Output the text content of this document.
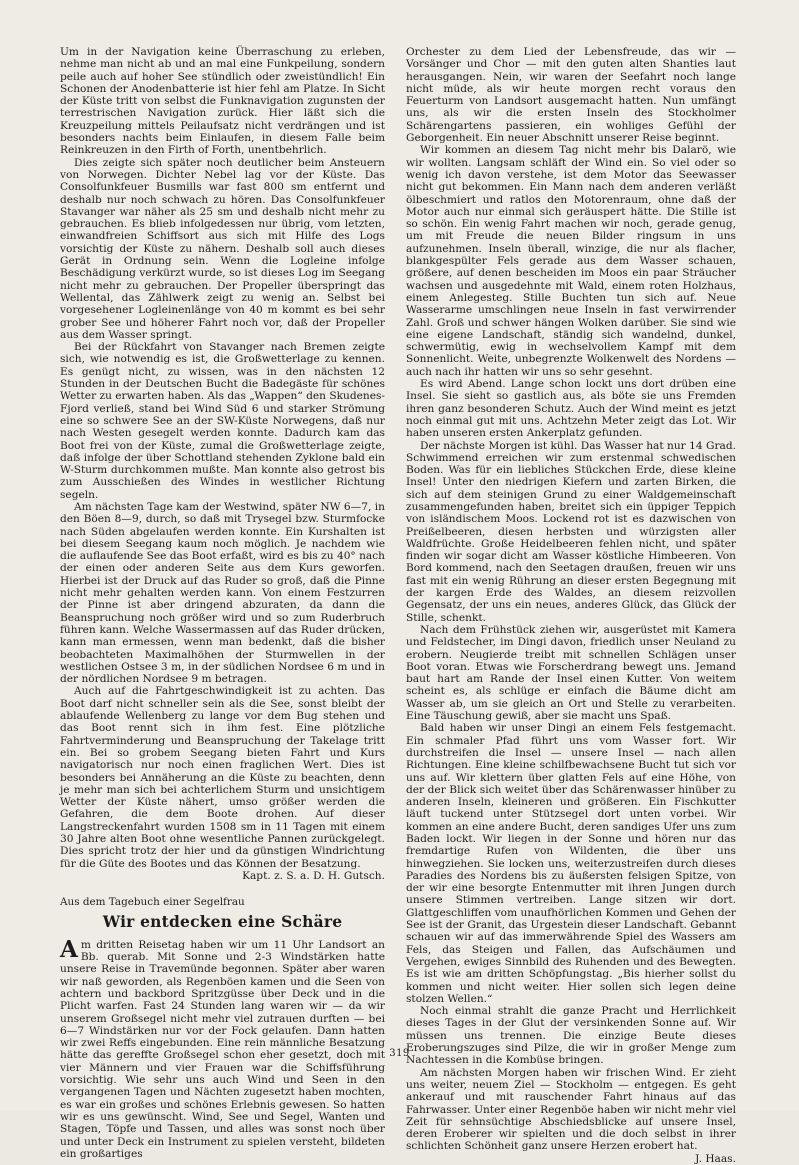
Um in der Navigation keine Überraschung zu erleben, nehme man nicht ab und an mal eine Funkpeilung, sondern peile auch auf hoher See stündlich oder zweistündlich! Ein Schonen der Anodenbatterie ist hier fehl am Platze. In Sicht der Küste tritt von selbst die Funknavigation zugunsten der terrestrischen Navigation zurück. Hier läßt sich die Kreuzpeilung mittels Peilaufsatz nicht verdrängen und ist besonders nachts beim Einlaufen, in diesem Falle beim Reinkreuzen in den Firth of Forth, unentbehrlich.

Dies zeigte sich später noch deutlicher beim Ansteuern von Norwegen. Dichter Nebel lag vor der Küste. Das Consolfunkfeuer Busmills war fast 800 sm entfernt und deshalb nur noch schwach zu hören. Das Consolfunkfeuer Stavanger war näher als 25 sm und deshalb nicht mehr zu gebrauchen. Es blieb infolgedessen nur übrig, vom letzten, einwandfreien Schiffsort aus sich mit Hilfe des Logs vorsichtig der Küste zu nähern. Deshalb soll auch dieses Gerät in Ordnung sein. Wenn die Logleine infolge Beschädigung verkürzt wurde, so ist dieses Log im Seegang nicht mehr zu gebrauchen. Der Propeller überspringt das Wellental, das Zählwerk zeigt zu wenig an. Selbst bei vorgesehener Logleinenlänge von 40 m kommt es bei sehr grober See und höherer Fahrt noch vor, daß der Propeller aus dem Wasser springt.

Bei der Rückfahrt von Stavanger nach Bremen zeigte sich, wie notwendig es ist, die Großwetterlage zu kennen. Es genügt nicht, zu wissen, was in den nächsten 12 Stunden in der Deutschen Bucht die Badegäste für schönes Wetter zu erwarten haben. Als das „Wappen“ den Skudenes-Fjord verließ, stand bei Wind Süd 6 und starker Strömung eine so schwere See an der SW-Küste Norwegens, daß nur nach Westen gesegelt werden konnte. Dadurch kam das Boot frei von der Küste, zumal die Großwetterlage zeigte, daß infolge der über Schottland stehenden Zyklone bald ein W-Sturm durchkommen mußte. Man konnte also getrost bis zum Ausschießen des Windes in westlicher Richtung segeln.

Am nächsten Tage kam der Westwind, später NW 6—7, in den Böen 8—9, durch, so daß mit Trysegel bzw. Sturmfocke nach Süden abgelaufen werden konnte. Ein Kurshalten ist bei diesem Seegang kaum noch möglich. Je nachdem wie die auflaufende See das Boot erfaßt, wird es bis zu 40° nach der einen oder anderen Seite aus dem Kurs geworfen. Hierbei ist der Druck auf das Ruder so groß, daß die Pinne nicht mehr gehalten werden kann. Von einem Festzurren der Pinne ist aber dringend abzuraten, da dann die Beanspruchung noch größer wird und so zum Ruderbruch führen kann. Welche Wassermassen auf das Ruder drücken, kann man ermessen, wenn man bedenkt, daß die bisher beobachteten Maximalhöhen der Sturmwellen in der westlichen Ostsee 3 m, in der südlichen Nordsee 6 m und in der nördlichen Nordsee 9 m betragen.

Auch auf die Fahrtgeschwindigkeit ist zu achten. Das Boot darf nicht schneller sein als die See, sonst bleibt der ablaufende Wellenberg zu lange vor dem Bug stehen und das Boot rennt sich in ihm fest. Eine plötzliche Fahrtverminderung und Beanspruchung der Takelage tritt ein. Bei so grobem Seegang bieten Fahrt und Kurs navigatorisch nur noch einen fraglichen Wert. Dies ist besonders bei Annäherung an die Küste zu beachten, denn je mehr man sich bei achterlichem Sturm und unsichtigem Wetter der Küste nähert, umso größer werden die Gefahren, die dem Boote drohen. Auf dieser Langstreckenfahrt wurden 1508 sm in 11 Tagen mit einem 30 Jahre alten Boot ohne wesentliche Pannen zurückgelegt. Dies spricht trotz der hier und da günstigen Windrichtung für die Güte des Bootes und das Können der Besatzung.

Kapt. z. S. a. D. H. Gutsch.

Aus dem Tagebuch einer Segelfrau

Wir entdecken eine Schäre

Am dritten Reisetag haben wir um 11 Uhr Landsort an Bb. querab. Mit Sonne und 2-3 Windstärken hatte unsere Reise in Travemünde begonnen. Später aber waren wir naß geworden, als Regenböen kamen und die Seen von achtern und backbord Spritzgüsse über Deck und in die Plicht warfen. Fast 24 Stunden lang waren wir — da wir unserem Großsegel nicht mehr viel zutrauen durften — bei 6—7 Windstärken nur vor der Fock gelaufen. Dann hatten wir zwei Reffs eingebunden. Eine rein männliche Besatzung hätte das gereffte Großsegel schon eher gesetzt, doch mit vier Männern und vier Frauen war die Schiffsführung vorsichtig. Wie sehr uns auch Wind und Seen in den vergangenen Tagen und Nächten zugesetzt haben mochten, es war ein großes und schönes Erlebnis gewesen. So hatten wir es uns gewünscht. Wind, See und Segel, Wanten und Stagen, Töpfe und Tassen, und alles was sonst noch über und unter Deck ein Instrument zu spielen versteht, bildeten ein großartiges

Orchester zu dem Lied der Lebensfreude, das wir — Vorsänger und Chor — mit den guten alten Shanties laut herausgangen. Nein, wir waren der Seefahrt noch lange nicht müde, als wir heute morgen recht voraus den Feuerturm von Landsort ausgemacht hatten. Nun umfängt uns, als wir die ersten Inseln des Stockholmer Schärengartens passieren, ein wohliges Gefühl der Geborgenheit. Ein neuer Abschnitt unserer Reise beginnt.

Wir kommen an diesem Tag nicht mehr bis Dalarö, wie wir wollten. Langsam schläft der Wind ein. So viel oder so wenig ich davon verstehe, ist dem Motor das Seewasser nicht gut bekommen. Ein Mann nach dem anderen verläßt ölbeschmiert und ratlos den Motorenraum, ohne daß der Motor auch nur einmal sich geräuspert hätte. Die Stille ist so schön. Ein wenig Fahrt machen wir noch, gerade genug, um mit Freude die neuen Bilder ringsum in uns aufzunehmen. Inseln überall, winzige, die nur als flacher, blankgespülter Fels gerade aus dem Wasser schauen, größere, auf denen bescheiden im Moos ein paar Sträucher wachsen und ausgedehnte mit Wald, einem roten Holzhaus, einem Anlegesteg. Stille Buchten tun sich auf. Neue Wasserarme umschlingen neue Inseln in fast verwirrender Zahl. Groß und schwer hängen Wolken darüber. Sie sind wie eine eigene Landschaft, ständig sich wandelnd, dunkel, schwermütig, ewig in wechselvollem Kampf mit dem Sonnenlicht. Weite, unbegrenzte Wolkenwelt des Nordens — auch nach ihr hatten wir uns so sehr gesehnt.

Es wird Abend. Lange schon lockt uns dort drüben eine Insel. Sie sieht so gastlich aus, als böte sie uns Fremden ihren ganz besonderen Schutz. Auch der Wind meint es jetzt noch einmal gut mit uns. Achtzehn Meter zeigt das Lot. Wir haben unseren ersten Ankerplatz gefunden.

Der nächste Morgen ist kühl. Das Wasser hat nur 14 Grad. Schwimmend erreichen wir zum erstenmal schwedischen Boden. Was für ein liebliches Stückchen Erde, diese kleine Insel! Unter den niedrigen Kiefern und zarten Birken, die sich auf dem steinigen Grund zu einer Waldgemeinschaft zusammengefunden haben, breitet sich ein üppiger Teppich von isländischem Moos. Lockend rot ist es dazwischen von Preißelbeeren, diesen herbsten und würzigsten aller Waldfrüchte. Große Heidelbeeren fehlen nicht, und später finden wir sogar dicht am Wasser köstliche Himbeeren. Von Bord kommend, nach den Seetagen draußen, freuen wir uns fast mit ein wenig Rührung an dieser ersten Begegnung mit der kargen Erde des Waldes, an diesem reizvollen Gegensatz, der uns ein neues, anderes Glück, das Glück der Stille, schenkt.

Nach dem Frühstück ziehen wir, ausgerüstet mit Kamera und Feldstecher, im Dingi davon, friedlich unser Neuland zu erobern. Neugierde treibt mit schnellen Schlägen unser Boot voran. Etwas wie Forscherdrang bewegt uns. Jemand baut hart am Rande der Insel einen Kutter. Von weitem scheint es, als schlüge er einfach die Bäume dicht am Wasser ab, um sie gleich an Ort und Stelle zu verarbeiten. Eine Täuschung gewiß, aber sie macht uns Spaß.

Bald haben wir unser Dingi an einem Fels festgemacht. Ein schmaler Pfad führt uns vom Wasser fort. Wir durchstreifen die Insel — unsere Insel — nach allen Richtungen. Eine kleine schilfbewachsene Bucht tut sich vor uns auf. Wir klettern über glatten Fels auf eine Höhe, von der der Blick sich weitet über das Schärenwasser hinüber zu anderen Inseln, kleineren und größeren. Ein Fischkutter läuft tuckend unter Stützsegel dort unten vorbei. Wir kommen an eine andere Bucht, deren sandiges Ufer uns zum Baden lockt. Wir liegen in der Sonne und hören nur das fremdartige Rufen von Wildenten, die über uns hinwegziehen. Sie locken uns, weiterzustreifen durch dieses Paradies des Nordens bis zu äußersten felsigen Spitze, von der wir eine besorgte Entenmutter mit ihren Jungen durch unsere Stimmen vertreiben. Lange sitzen wir dort. Glattgeschliffen vom unaufhörlichen Kommen und Gehen der See ist der Granit, das Urgestein dieser Landschaft. Gebannt schauen wir auf das immerwährende Spiel des Wassers am Fels, das Steigen und Fallen, das Aufschäumen und Vergehen, ewiges Sinnbild des Ruhenden und des Bewegten. Es ist wie am dritten Schöpfungstag. „Bis hierher sollst du kommen und nicht weiter. Hier sollen sich legen deine stolzen Wellen.“

Noch einmal strahlt die ganze Pracht und Herrlichkeit dieses Tages in der Glut der versinkenden Sonne auf. Wir müssen uns trennen. Die einzige Beute dieses Eroberungszuges sind Pilze, die wir in großer Menge zum Nachtessen in die Kombüse bringen.

Am nächsten Morgen haben wir frischen Wind. Er zieht uns weiter, neuem Ziel — Stockholm — entgegen. Es geht ankerauf und mit rauschender Fahrt hinaus auf das Fahrwasser. Unter einer Regenböe haben wir nicht mehr viel Zeit für sehnsüchtige Abschiedsblicke auf unsere Insel, deren Eroberer wir spielten und die doch selbst in ihrer schlichten Schönheit ganz unsere Herzen erobert hat.

J. Haas.
319
